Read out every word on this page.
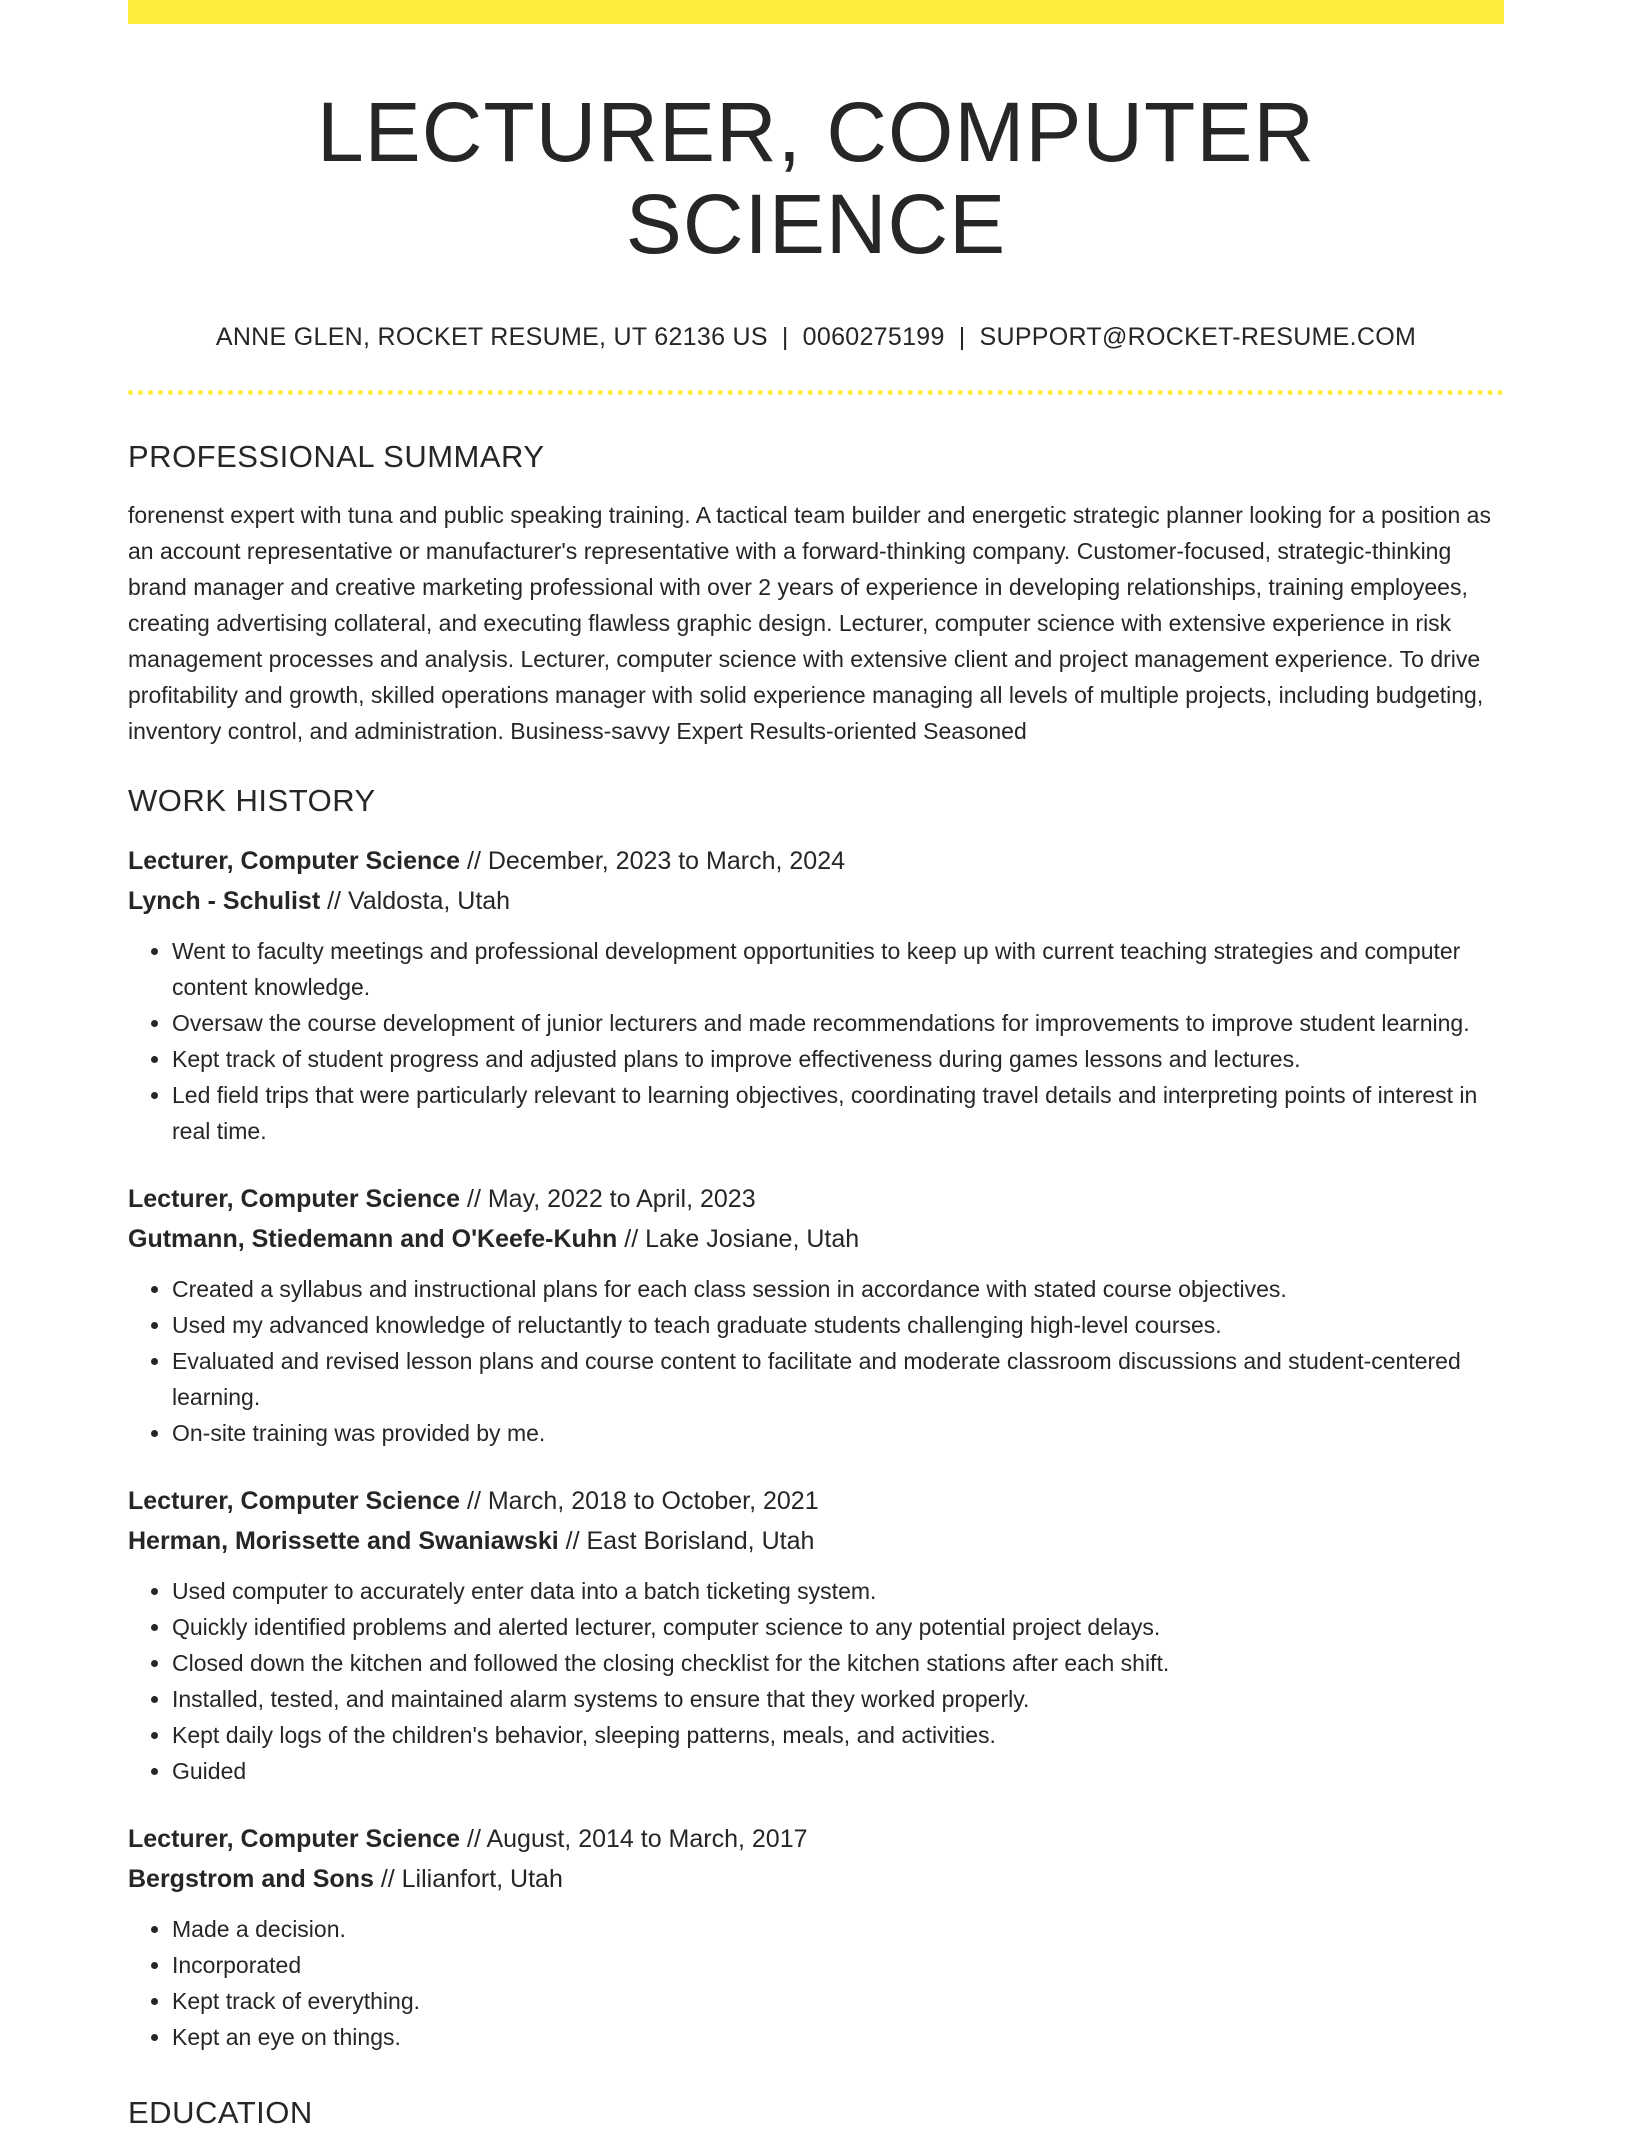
LECTURER, COMPUTER SCIENCE
ANNE GLEN, ROCKET RESUME, UT 62136 US | 0060275199 | SUPPORT@ROCKET-RESUME.COM
PROFESSIONAL SUMMARY

forenenst expert with tuna and public speaking training. A tactical team builder and energetic strategic planner looking for a position as an account representative or manufacturer's representative with a forward-thinking company. Customer-focused, strategic-thinking brand manager and creative marketing professional with over 2 years of experience in developing relationships, training employees, creating advertising collateral, and executing flawless graphic design. Lecturer, computer science with extensive experience in risk management processes and analysis. Lecturer, computer science with extensive client and project management experience. To drive profitability and growth, skilled operations manager with solid experience managing all levels of multiple projects, including budgeting, inventory control, and administration. Business-savvy Expert Results-oriented Seasoned

WORK HISTORY
Lecturer, Computer Science // December, 2023 to March, 2024
Lynch - Schulist // Valdosta, Utah
• Went to faculty meetings and professional development opportunities to keep up with current teaching strategies and computer content knowledge.
• Oversaw the course development of junior lecturers and made recommendations for improvements to improve student learning.
• Kept track of student progress and adjusted plans to improve effectiveness during games lessons and lectures.
• Led field trips that were particularly relevant to learning objectives, coordinating travel details and interpreting points of interest in real time.
Lecturer, Computer Science // May, 2022 to April, 2023
Gutmann, Stiedemann and O'Keefe-Kuhn // Lake Josiane, Utah
• Created a syllabus and instructional plans for each class session in accordance with stated course objectives.
• Used my advanced knowledge of reluctantly to teach graduate students challenging high-level courses.
• Evaluated and revised lesson plans and course content to facilitate and moderate classroom discussions and student-centered learning.
• On-site training was provided by me.
Lecturer, Computer Science // March, 2018 to October, 2021
Herman, Morissette and Swaniawski // East Borisland, Utah
• Used computer to accurately enter data into a batch ticketing system.
• Quickly identified problems and alerted lecturer, computer science to any potential project delays.
• Closed down the kitchen and followed the closing checklist for the kitchen stations after each shift.
• Installed, tested, and maintained alarm systems to ensure that they worked properly.
• Kept daily logs of the children's behavior, sleeping patterns, meals, and activities.
• Guided
Lecturer, Computer Science // August, 2014 to March, 2017
Bergstrom and Sons // Lilianfort, Utah
• Made a decision.
• Incorporated
• Kept track of everything.
• Kept an eye on things.
EDUCATION
